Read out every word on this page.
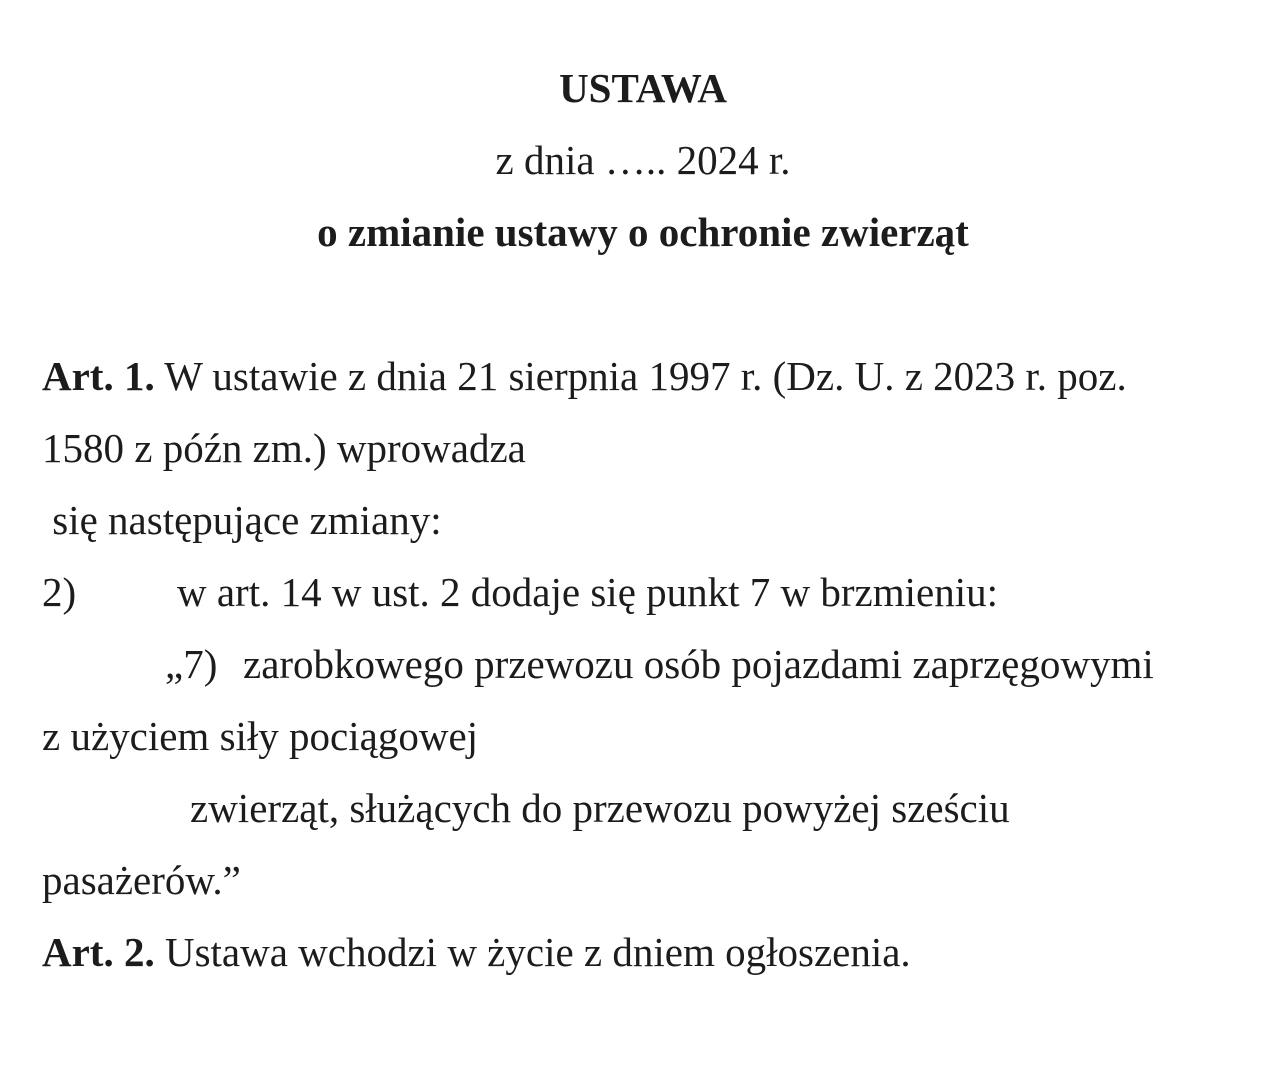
USTAWA
z dnia ….. 2024 r.
o zmianie ustawy o ochronie zwierząt
Art. 1. W ustawie z dnia 21 sierpnia 1997 r. (Dz. U. z 2023 r. poz.
1580 z późn zm.) wprowadza
się następujące zmiany:
2) w art. 14 w ust. 2 dodaje się punkt 7 w brzmieniu:
„7) zarobkowego przewozu osób pojazdami zaprzęgowymi
z użyciem siły pociągowej
zwierząt, służących do przewozu powyżej sześciu
pasażerów.”
Art. 2. Ustawa wchodzi w życie z dniem ogłoszenia.
